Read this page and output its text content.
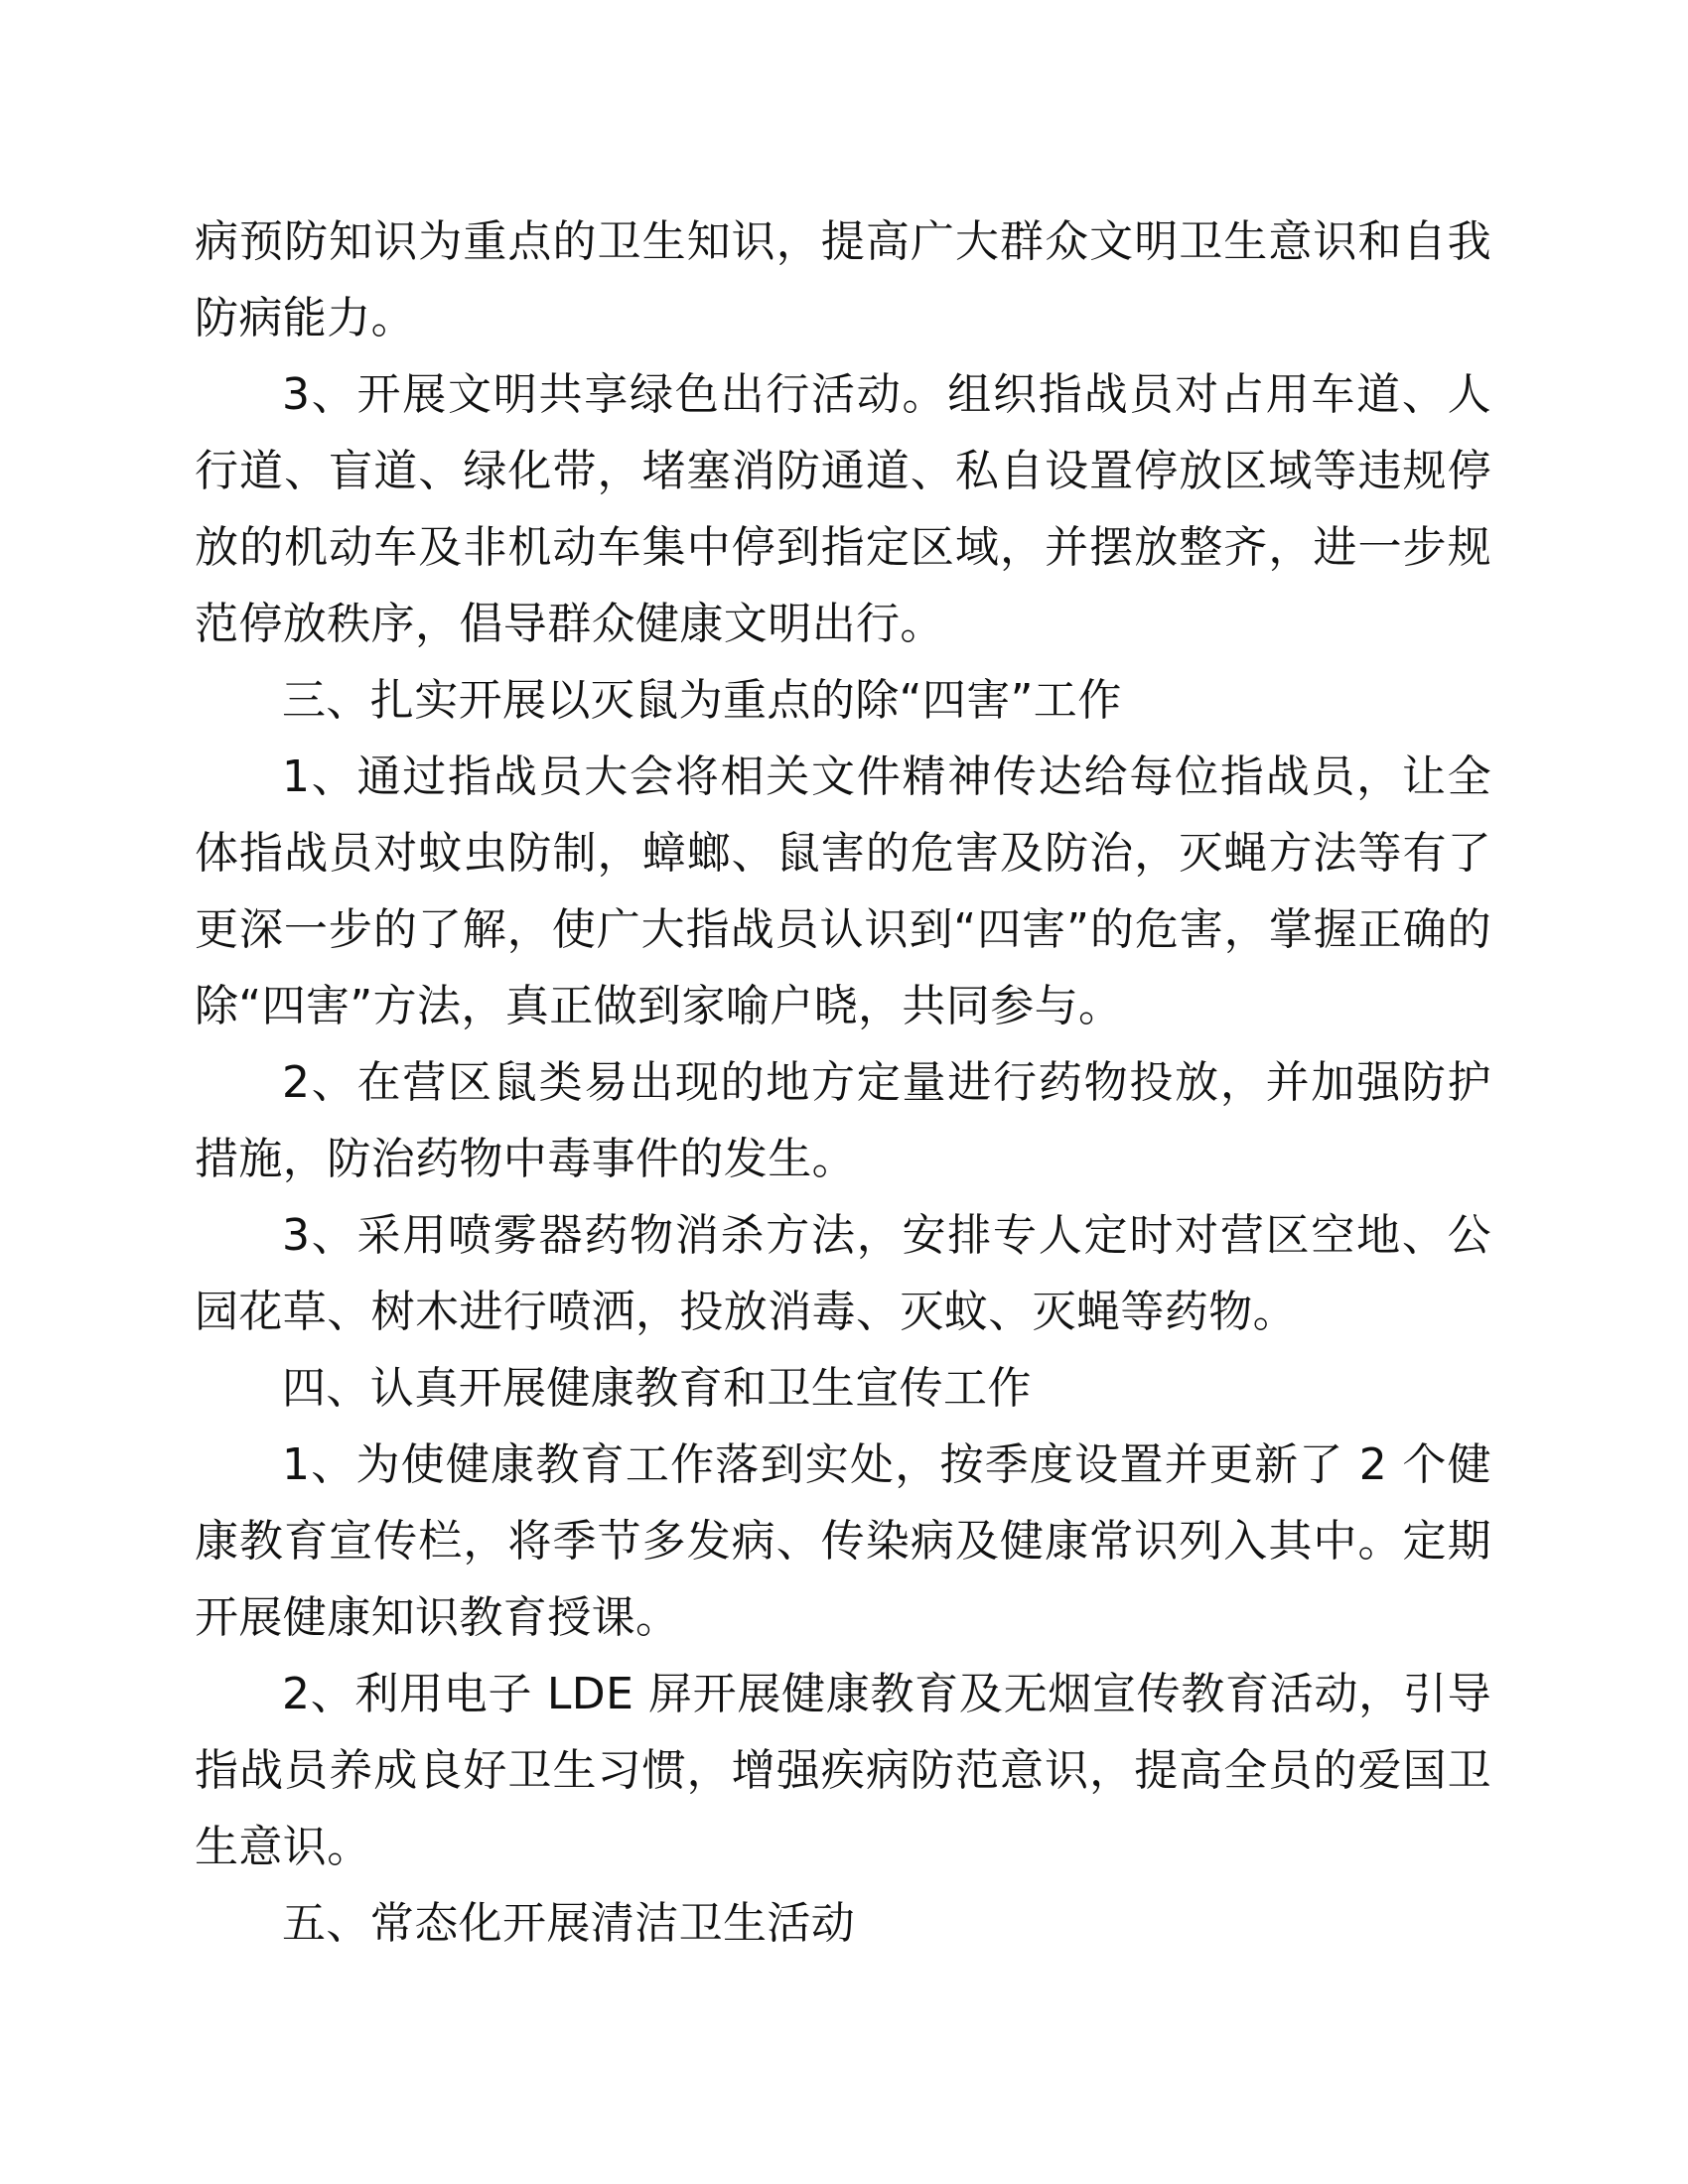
病预防知识为重点的卫生知识，提高广大群众文明卫生意识和自我防病能力。

3、开展文明共享绿色出行活动。组织指战员对占用车道、人行道、盲道、绿化带，堵塞消防通道、私自设置停放区域等违规停放的机动车及非机动车集中停到指定区域，并摆放整齐，进一步规范停放秩序，倡导群众健康文明出行。

三、扎实开展以灭鼠为重点的除“四害”工作

1、通过指战员大会将相关文件精神传达给每位指战员，让全体指战员对蚊虫防制，蟑螂、鼠害的危害及防治，灭蝇方法等有了更深一步的了解，使广大指战员认识到“四害”的危害，掌握正确的除“四害”方法，真正做到家喻户晓，共同参与。

2、在营区鼠类易出现的地方定量进行药物投放，并加强防护措施，防治药物中毒事件的发生。

3、采用喷雾器药物消杀方法，安排专人定时对营区空地、公园花草、树木进行喷洒，投放消毒、灭蚊、灭蝇等药物。

四、认真开展健康教育和卫生宣传工作

1、为使健康教育工作落到实处，按季度设置并更新了 2 个健康教育宣传栏，将季节多发病、传染病及健康常识列入其中。定期开展健康知识教育授课。

2、利用电子 LDE 屏开展健康教育及无烟宣传教育活动，引导指战员养成良好卫生习惯，增强疾病防范意识，提高全员的爱国卫生意识。

五、常态化开展清洁卫生活动
